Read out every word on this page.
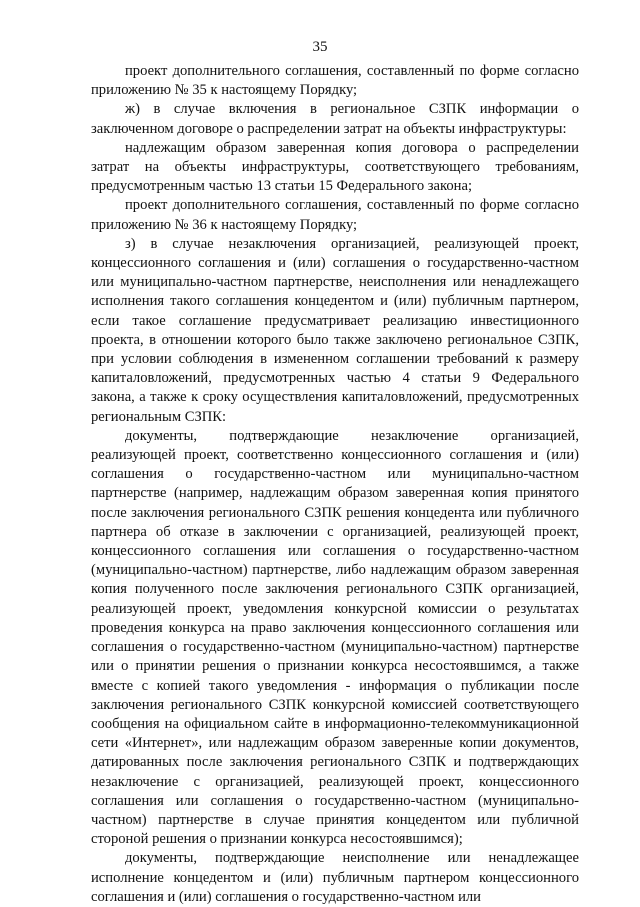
35

проект дополнительного соглашения, составленный по форме согласно приложению № 35 к настоящему Порядку;

ж) в случае включения в региональное СЗПК информации о заключенном договоре о распределении затрат на объекты инфраструктуры:

надлежащим образом заверенная копия договора о распределении затрат на объекты инфраструктуры, соответствующего требованиям, предусмотренным частью 13 статьи 15 Федерального закона;

проект дополнительного соглашения, составленный по форме согласно приложению № 36 к настоящему Порядку;

з) в случае незаключения организацией, реализующей проект, концессионного соглашения и (или) соглашения о государственно-частном или муниципально-частном партнерстве, неисполнения или ненадлежащего исполнения такого соглашения концедентом и (или) публичным партнером, если такое соглашение предусматривает реализацию инвестиционного проекта, в отношении которого было также заключено региональное СЗПК, при условии соблюдения в измененном соглашении требований к размеру капиталовложений, предусмотренных частью 4 статьи 9 Федерального закона, а также к сроку осуществления капиталовложений, предусмотренных региональным СЗПК:

документы, подтверждающие незаключение организацией, реализующей проект, соответственно концессионного соглашения и (или) соглашения о государственно-частном или муниципально-частном партнерстве (например, надлежащим образом заверенная копия принятого после заключения регионального СЗПК решения концедента или публичного партнера об отказе в заключении с организацией, реализующей проект, концессионного соглашения или соглашения о государственно-частном (муниципально-частном) партнерстве, либо надлежащим образом заверенная копия полученного после заключения регионального СЗПК организацией, реализующей проект, уведомления конкурсной комиссии о результатах проведения конкурса на право заключения концессионного соглашения или соглашения о государственно-частном (муниципально-частном) партнерстве или о принятии решения о признании конкурса несостоявшимся, а также вместе с копией такого уведомления - информация о публикации после заключения регионального СЗПК конкурсной комиссией соответствующего сообщения на официальном сайте в информационно-телекоммуникационной сети «Интернет», или надлежащим образом заверенные копии документов, датированных после заключения регионального СЗПК и подтверждающих незаключение с организацией, реализующей проект, концессионного соглашения или соглашения о государственно-частном (муниципально-частном) партнерстве в случае принятия концедентом или публичной стороной решения о признании конкурса несостоявшимся);

документы, подтверждающие неисполнение или ненадлежащее исполнение концедентом и (или) публичным партнером концессионного соглашения и (или) соглашения о государственно-частном или
